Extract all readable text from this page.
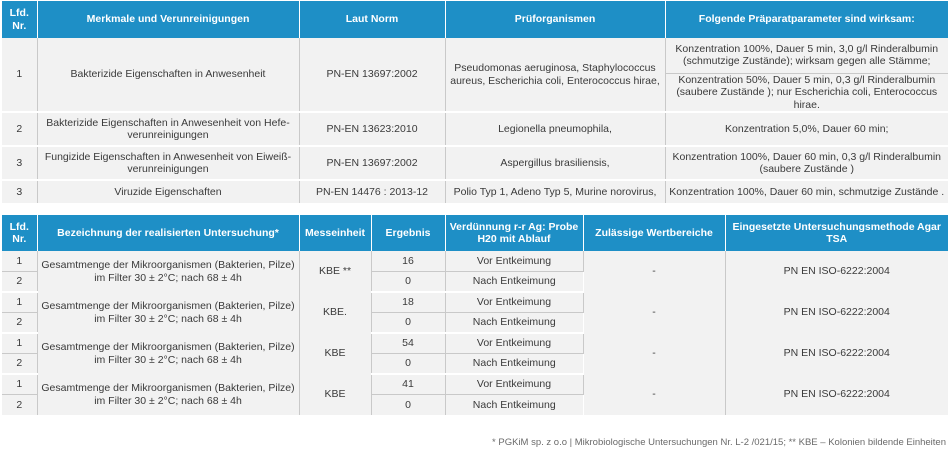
Lfd. Nr.	Merkmale und Verunreinigungen	Laut Norm	Prüforganismen	Folgende Präparatparameter sind wirksam:
1	Bakterizide Eigenschaften in Anwesenheit	PN-EN 13697:2002	Pseudomonas aeruginosa, Staphylococcus aureus, Escherichia coli, Enterococcus hirae,	Konzentration 100%, Dauer 5 min, 3,0 g/l Rinderalbumin (schmutzige Zustände); wirksam gegen alle Stämme;
				Konzentration 50%, Dauer 5 min, 0,3 g/l Rinderalbumin (saubere Zustände ); nur Escherichia coli, Enterococcus hirae.
2	Bakterizide Eigenschaften in Anwesenheit von Hefe-verunreinigungen	PN-EN 13623:2010	Legionella pneumophila,	Konzentration 5,0%, Dauer 60 min;
3	Fungizide Eigenschaften in Anwesenheit von Eiweiß-verunreinigungen	PN-EN 13697:2002	Aspergillus brasiliensis,	Konzentration 100%, Dauer 60 min, 0,3 g/l Rinderalbumin (saubere Zustände )
3	Viruzide Eigenschaften	PN-EN 14476 : 2013-12	Polio Typ 1, Adeno Typ 5, Murine norovirus,	Konzentration 100%, Dauer 60 min, schmutzige Zustände .
Lfd. Nr.	Bezeichnung der realisierten Untersuchung*	Messeinheit	Ergebnis	Verdünnung r-r Ag: Probe H20 mit Ablauf	Zulässige Wertbereiche	Eingesetzte Untersuchungsmethode Agar TSA
1	Gesamtmenge der Mikroorganismen (Bakterien, Pilze) im Filter 30 ± 2°C; nach 68 ± 4h	KBE **	16	Vor Entkeimung	-	PN EN ISO-6222:2004
2			0	Nach Entkeimung		
1	Gesamtmenge der Mikroorganismen (Bakterien, Pilze) im Filter 30 ± 2°C; nach 68 ± 4h	KBE.	18	Vor Entkeimung	-	PN EN ISO-6222:2004
2			0	Nach Entkeimung		
1	Gesamtmenge der Mikroorganismen (Bakterien, Pilze) im Filter 30 ± 2°C; nach 68 ± 4h	KBE	54	Vor Entkeimung	-	PN EN ISO-6222:2004
2			0	Nach Entkeimung		
1	Gesamtmenge der Mikroorganismen (Bakterien, Pilze) im Filter 30 ± 2°C; nach 68 ± 4h	KBE	41	Vor Entkeimung	-	PN EN ISO-6222:2004
2			0	Nach Entkeimung		
* PGKiM sp. z o.o | Mikrobiologische Untersuchungen Nr. L-2 /021/15; ** KBE – Kolonien bildende Einheiten
